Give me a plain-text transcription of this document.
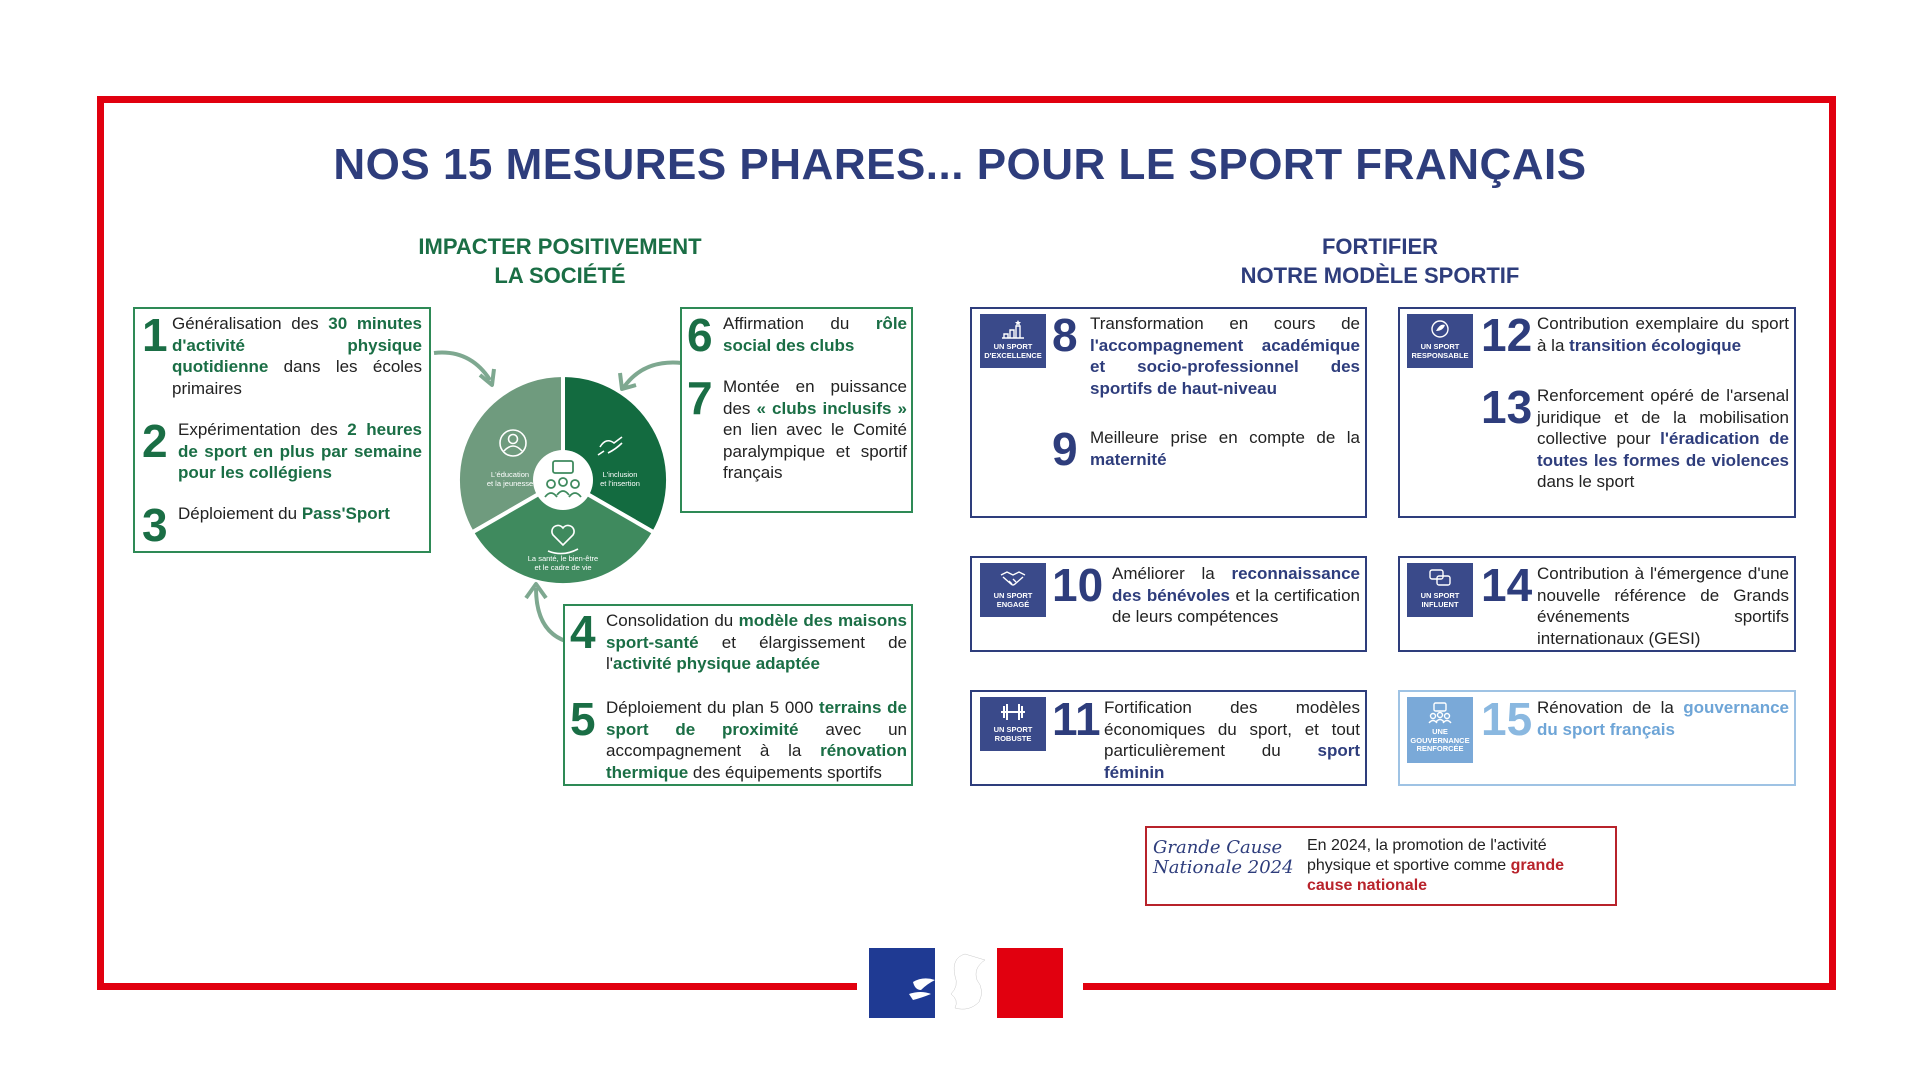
NOS 15 MESURES PHARES... POUR LE SPORT FRANÇAIS
IMPACTER POSITIVEMENT
LA SOCIÉTÉ
FORTIFIER
NOTRE MODÈLE SPORTIF
1 Généralisation des 30 minutes d'activité physique quotidienne dans les écoles primaires
2 Expérimentation des 2 heures de sport en plus par semaine pour les collégiens
3 Déploiement du Pass'Sport
L'éducation et la jeunesse
L'inclusion et l'insertion
La santé, le bien-être et le cadre de vie
6 Affirmation du rôle social des clubs
7 Montée en puissance des « clubs inclusifs » en lien avec le Comité paralympique et sportif français
4 Consolidation du modèle des maisons sport-santé et élargissement de l'activité physique adaptée
5 Déploiement du plan 5 000 terrains de sport de proximité avec un accompagnement à la rénovation thermique des équipements sportifs
UN SPORT D'EXCELLENCE 8 Transformation en cours de l'accompagnement académique et socio-professionnel des sportifs de haut-niveau
9 Meilleure prise en compte de la maternité
UN SPORT RESPONSABLE 12 Contribution exemplaire du sport à la transition écologique
13 Renforcement opéré de l'arsenal juridique et de la mobilisation collective pour l'éradication de toutes les formes de violences dans le sport
UN SPORT ENGAGÉ 10 Améliorer la reconnaissance des bénévoles et la certification de leurs compétences
UN SPORT INFLUENT 14 Contribution à l'émergence d'une nouvelle référence de Grands événements sportifs internationaux (GESI)
UN SPORT ROBUSTE 11 Fortification des modèles économiques du sport, et tout particulièrement du sport féminin
UNE GOUVERNANCE RENFORCÉE
15 Rénovation de la gouvernance du sport français
Grande Cause
Nationale 2024
En 2024, la promotion de l'activité physique et sportive comme grande cause nationale
